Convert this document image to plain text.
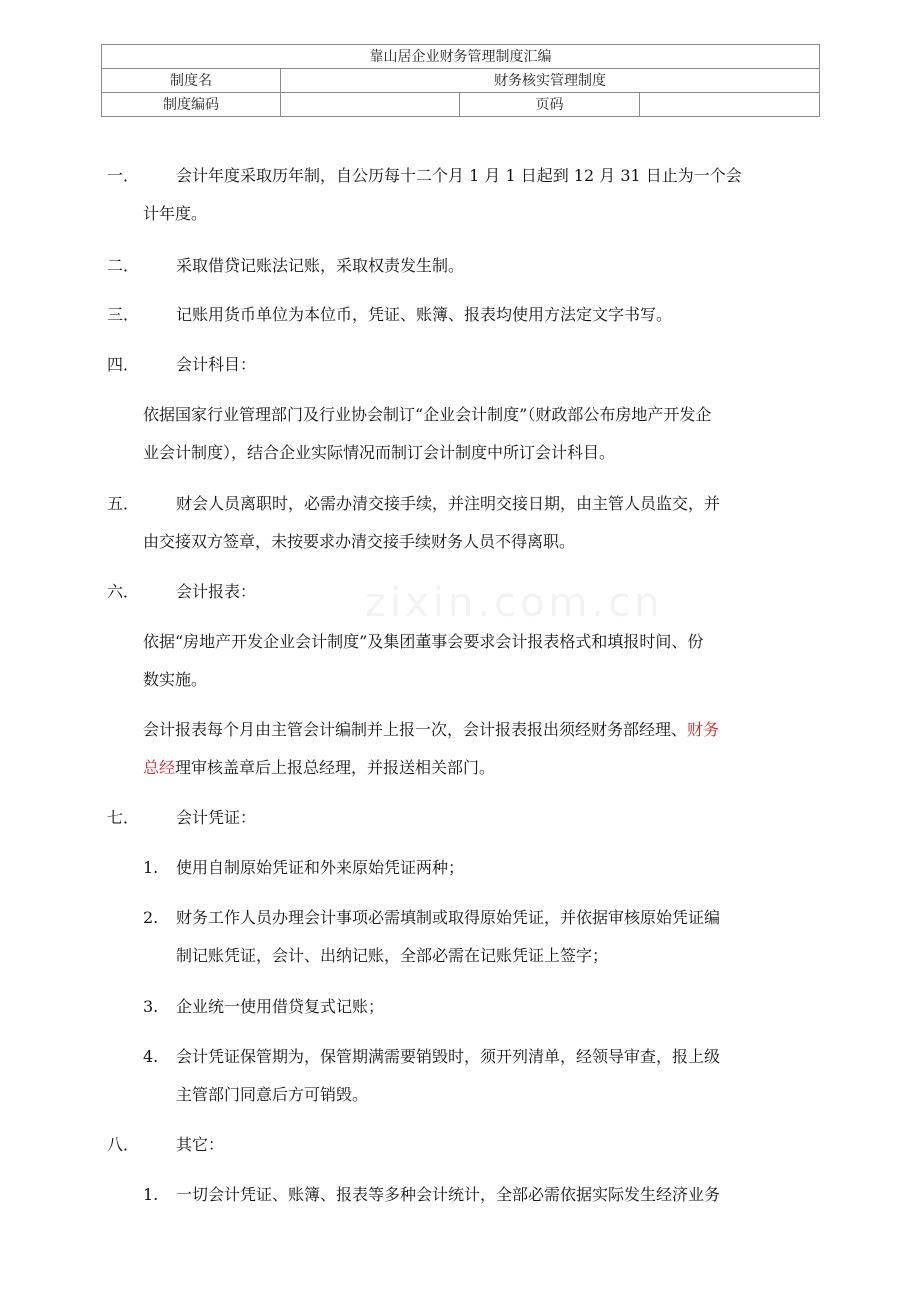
靠山居企业财务管理制度汇编			
制度名	财务核实管理制度		
制度编码		页码	
zixin.com.cn
一． 会计年度采取历年制，自公历每十二个月 1 月 1 日起到 12 月 31 日止为一个会
计年度。
二． 采取借贷记账法记账，采取权责发生制。
三． 记账用货币单位为本位币，凭证、账簿、报表均使用方法定文字书写。
四． 会计科目：
依据国家行业管理部门及行业协会制订“企业会计制度”（财政部公布房地产开发企
业会计制度），结合企业实际情况而制订会计制度中所订会计科目。
五． 财会人员离职时，必需办清交接手续，并注明交接日期，由主管人员监交，并
由交接双方签章，未按要求办清交接手续财务人员不得离职。
六． 会计报表：
依据“房地产开发企业会计制度”及集团董事会要求会计报表格式和填报时间、份
数实施。
会计报表每个月由主管会计编制并上报一次，会计报表报出须经财务部经理、财务
总经理审核盖章后上报总经理，并报送相关部门。
七． 会计凭证：
1. 使用自制原始凭证和外来原始凭证两种；
2. 财务工作人员办理会计事项必需填制或取得原始凭证，并依据审核原始凭证编
制记账凭证，会计、出纳记账，全部必需在记账凭证上签字；
3. 企业统一使用借贷复式记账；
4. 会计凭证保管期为，保管期满需要销毁时，须开列清单，经领导审查，报上级
主管部门同意后方可销毁。
八． 其它：
1. 一切会计凭证、账簿、报表等多种会计统计，全部必需依据实际发生经济业务
